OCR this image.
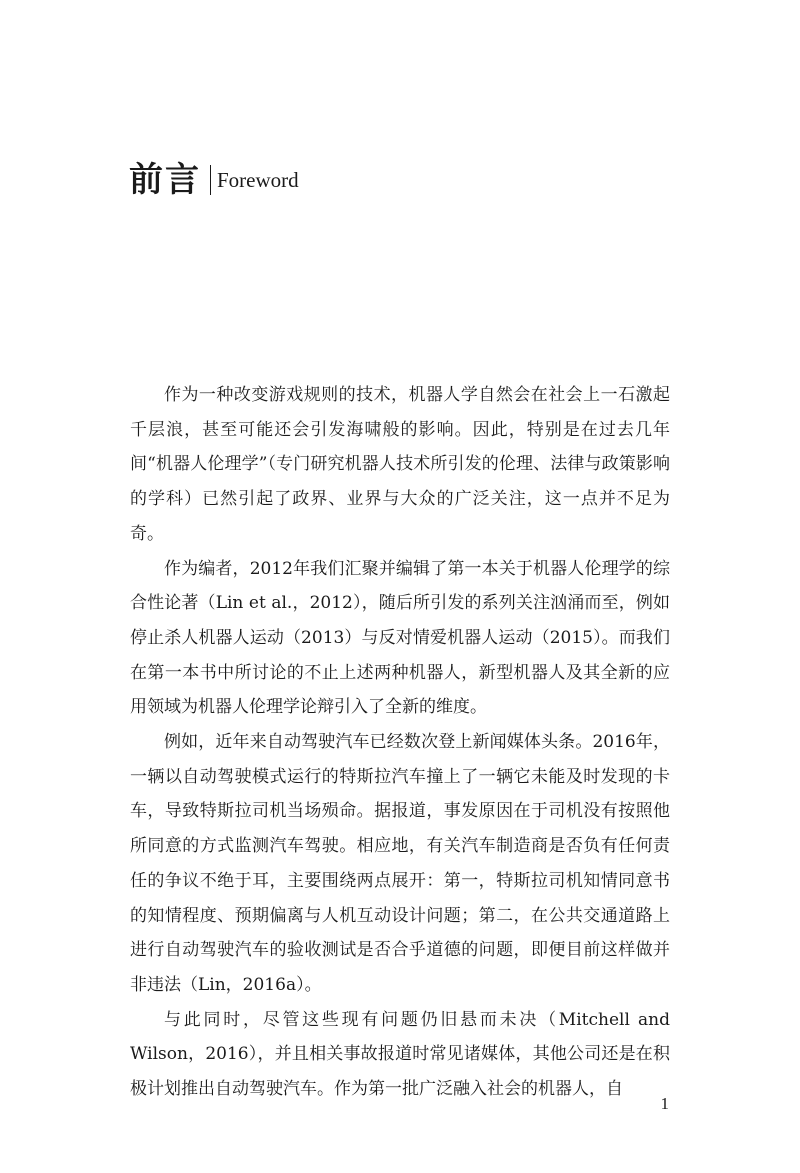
前言 Foreword

作为一种改变游戏规则的技术，机器人学自然会在社会上一石激起千层浪，甚至可能还会引发海啸般的影响。因此，特别是在过去几年间“机器人伦理学”（专门研究机器人技术所引发的伦理、法律与政策影响的学科）已然引起了政界、业界与大众的广泛关注，这一点并不足为奇。

作为编者，2012年我们汇聚并编辑了第一本关于机器人伦理学的综合性论著（Lin et al.，2012），随后所引发的系列关注汹涌而至，例如停止杀人机器人运动（2013）与反对情爱机器人运动（2015）。而我们在第一本书中所讨论的不止上述两种机器人，新型机器人及其全新的应用领域为机器人伦理学论辩引入了全新的维度。

例如，近年来自动驾驶汽车已经数次登上新闻媒体头条。2016年，一辆以自动驾驶模式运行的特斯拉汽车撞上了一辆它未能及时发现的卡车，导致特斯拉司机当场殒命。据报道，事发原因在于司机没有按照他所同意的方式监测汽车驾驶。相应地，有关汽车制造商是否负有任何责任的争议不绝于耳，主要围绕两点展开：第一，特斯拉司机知情同意书的知情程度、预期偏离与人机互动设计问题；第二，在公共交通道路上进行自动驾驶汽车的验收测试是否合乎道德的问题，即便目前这样做并非违法（Lin，2016a）。

与此同时，尽管这些现有问题仍旧悬而未决（Mitchell and Wilson，2016），并且相关事故报道时常见诸媒体，其他公司还是在积极计划推出自动驾驶汽车。作为第一批广泛融入社会的机器人，自

1
